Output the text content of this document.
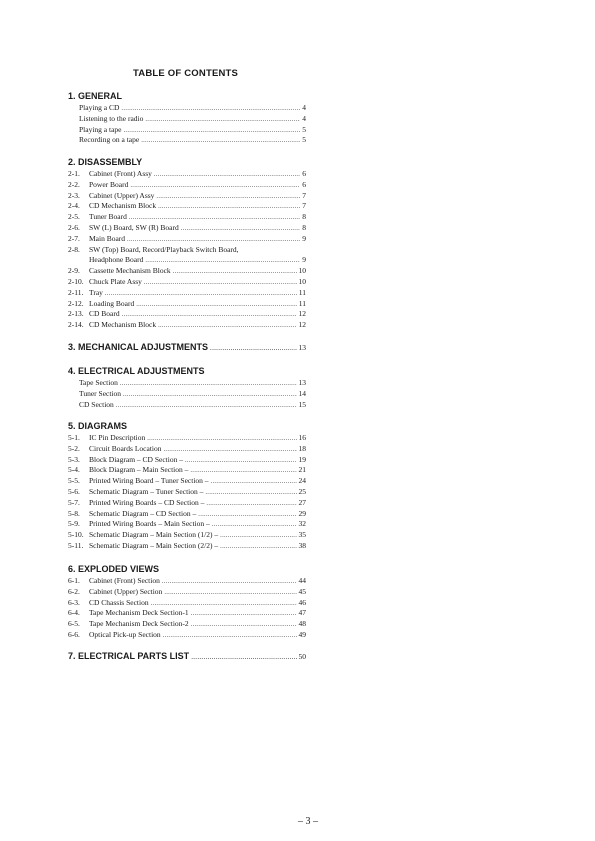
TABLE OF CONTENTS
1. GENERAL
Playing a CD .....	4
Listening to the radio .....	4
Playing a tape .....	5
Recording on a tape .....	5
2. DISASSEMBLY
2-1.	Cabinet (Front) Assy .....	6
2-2.	Power Board .....	6
2-3.	Cabinet (Upper) Assy .....	7
2-4.	CD Mechanism Block .....	7
2-5.	Tuner Board .....	8
2-6.	SW (L) Board, SW (R) Board .....	8
2-7.	Main Board .....	9
2-8.	SW (Top) Board, Record/Playback Switch Board,
Headphone Board .....	9
2-9.	Cassette Mechanism Block .....	10
2-10. Chuck Plate Assy .....	10
2-11. Tray .....	11
2-12. Loading Board .....	11
2-13. CD Board .....	12
2-14. CD Mechanism Block .....	12
3. MECHANICAL ADJUSTMENTS .....	13
4. ELECTRICAL ADJUSTMENTS
Tape Section .....	13
Tuner Section .....	14
CD Section .....	15
5. DIAGRAMS
5-1.	IC Pin Description .....	16
5-2.	Circuit Boards Location .....	18
5-3.	Block Diagram – CD Section – .....	19
5-4.	Block Diagram – Main Section – .....	21
5-5.	Printed Wiring Board – Tuner Section – .....	24
5-6.	Schematic Diagram – Tuner Section – .....	25
5-7.	Printed Wiring Boards – CD Section – .....	27
5-8.	Schematic Diagram – CD Section – .....	29
5-9.	Printed Wiring Boards – Main Section – .....	32
5-10. Schematic Diagram – Main Section (1/2) – .....	35
5-11. Schematic Diagram – Main Section (2/2) – .....	38
6. EXPLODED VIEWS
6-1.	Cabinet (Front) Section .....	44
6-2.	Cabinet (Upper) Section .....	45
6-3.	CD Chassis Section .....	46
6-4.	Tape Mechanism Deck Section-1 .....	47
6-5.	Tape Mechanism Deck Section-2 .....	48
6-6.	Optical Pick-up Section .....	49
7. ELECTRICAL PARTS LIST .....	50
– 3 –
